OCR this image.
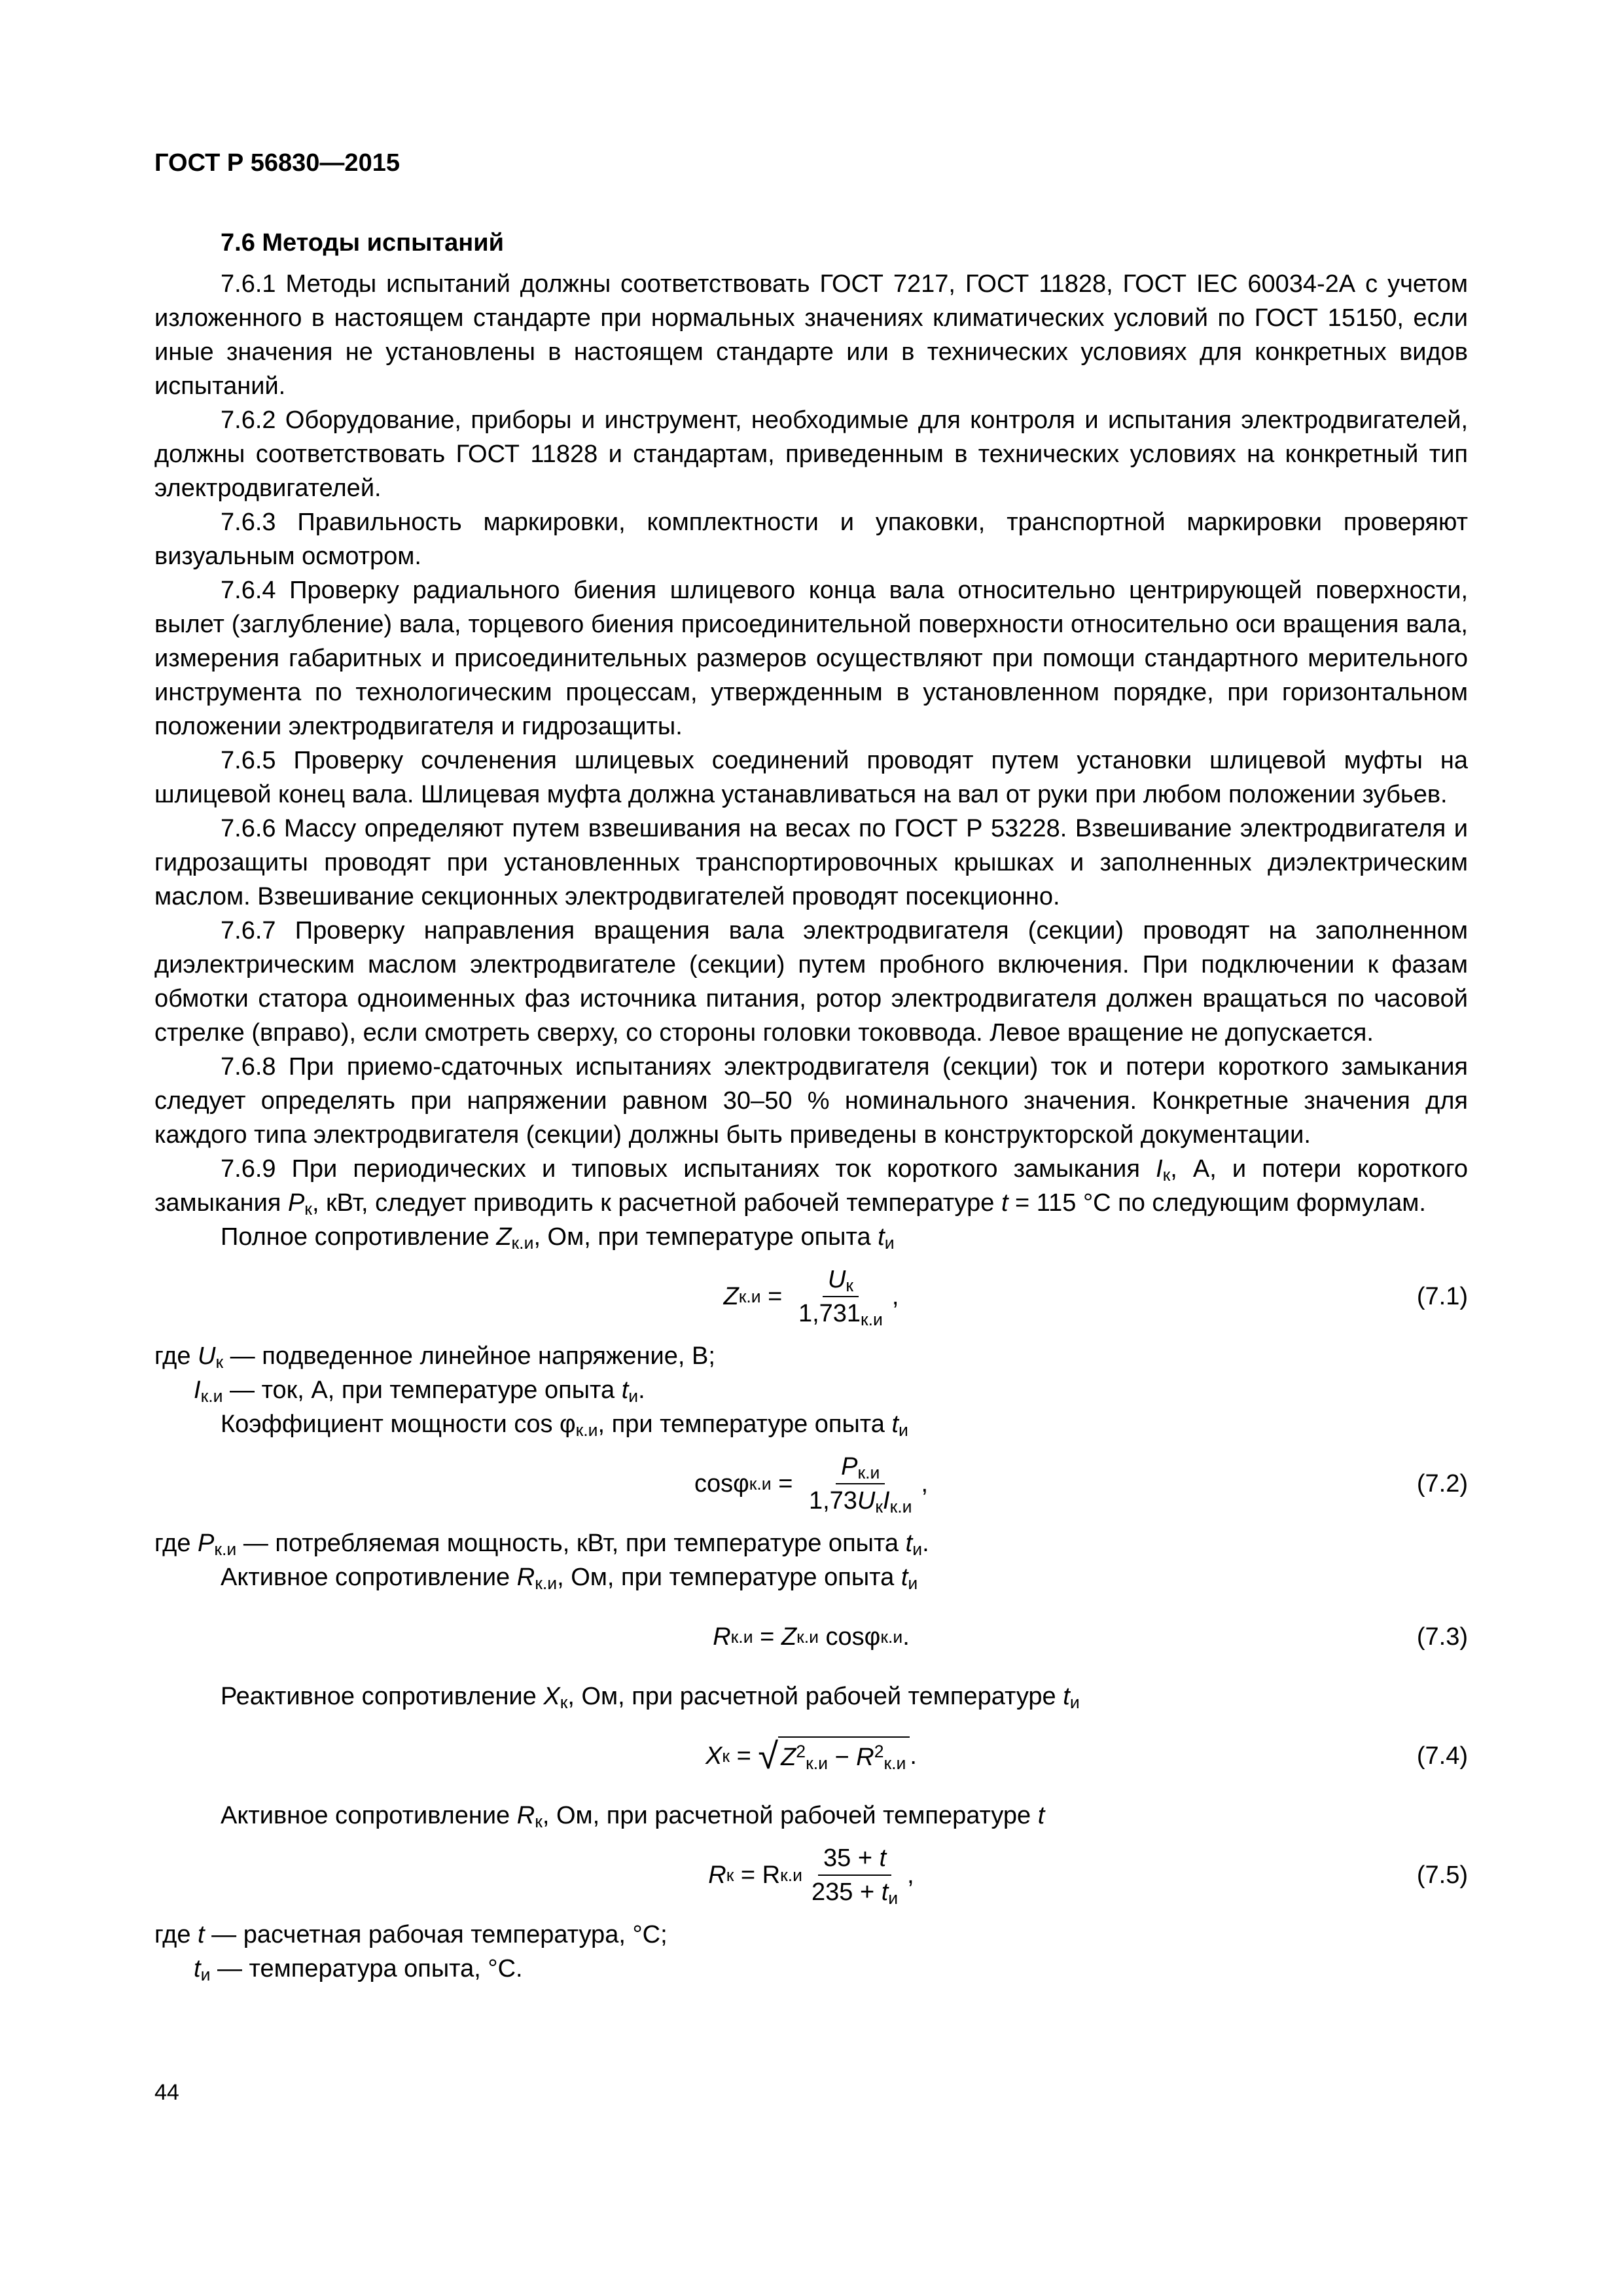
ГОСТ Р 56830—2015
7.6 Методы испытаний

7.6.1 Методы испытаний должны соответствовать ГОСТ 7217, ГОСТ 11828, ГОСТ IEC 60034-2А с учетом изложенного в настоящем стандарте при нормальных значениях климатических условий по ГОСТ 15150, если иные значения не установлены в настоящем стандарте или в технических условиях для конкретных видов испытаний.

7.6.2 Оборудование, приборы и инструмент, необходимые для контроля и испытания электродвигателей, должны соответствовать ГОСТ 11828 и стандартам, приведенным в технических условиях на конкретный тип электродвигателей.

7.6.3 Правильность маркировки, комплектности и упаковки, транспортной маркировки проверяют визуальным осмотром.

7.6.4 Проверку радиального биения шлицевого конца вала относительно центрирующей поверхности, вылет (заглубление) вала, торцевого биения присоединительной поверхности относительно оси вращения вала, измерения габаритных и присоединительных размеров осуществляют при помощи стандартного мерительного инструмента по технологическим процессам, утвержденным в установленном порядке, при горизонтальном положении электродвигателя и гидрозащиты.

7.6.5 Проверку сочленения шлицевых соединений проводят путем установки шлицевой муфты на шлицевой конец вала. Шлицевая муфта должна устанавливаться на вал от руки при любом положении зубьев.

7.6.6 Массу определяют путем взвешивания на весах по ГОСТ Р 53228. Взвешивание электродвигателя и гидрозащиты проводят при установленных транспортировочных крышках и заполненных диэлектрическим маслом. Взвешивание секционных электродвигателей проводят посекционно.

7.6.7 Проверку направления вращения вала электродвигателя (секции) проводят на заполненном диэлектрическим маслом электродвигателе (секции) путем пробного включения. При подключении к фазам обмотки статора одноименных фаз источника питания, ротор электродвигателя должен вращаться по часовой стрелке (вправо), если смотреть сверху, со стороны головки токоввода. Левое вращение не допускается.

7.6.8 При приемо-сдаточных испытаниях электродвигателя (секции) ток и потери короткого замыкания следует определять при напряжении равном 30–50 % номинального значения. Конкретные значения для каждого типа электродвигателя (секции) должны быть приведены в конструкторской документации.

7.6.9 При периодических и типовых испытаниях ток короткого замыкания $I_к$, А, и потери короткого замыкания $P_к$, кВт, следует приводить к расчетной рабочей температуре t = 115 °С по следующим формулам.

Полное сопротивление $Z_{к.и}$, Ом, при температуре опыта $t_и$
Z $к.и = \frac{U_к}{1,731_{к.и}}$ ,	(7.1)
где $U_к$ — подведенное линейное напряжение, В;
$I_{к.и}$ — ток, А, при температуре опыта $t_и$.
Коэффициент мощности $\cos \varphi_{к.и}$, при температуре опыта $t_и$
cosφ $к.и = \frac{P_{к.и}}{1,73U_кI_{к.и}}$ ,	(7.2)
где $P_{к.и}$ — потребляемая мощность, кВт, при температуре опыта $t_и$.
Активное сопротивление $R_{к.и}$, Ом, при температуре опыта $t_и$
R к.и = Z к.и
cosφ к.и .	(7.3)
Реактивное сопротивление $X_к$, Ом, при расчетной рабочей температуре $t_и$
X к = √ $Z^2_{к.и} - R^2_{к.и}$ .	(7.4)
Активное сопротивление $R_к$, Ом, при расчетной рабочей температуре t
R к = R $к.и \frac{35 + t}{235 + t_и}$ ,	(7.5)
где t — расчетная рабочая температура, °С;
$t_и$ — температура опыта, °С.
44
